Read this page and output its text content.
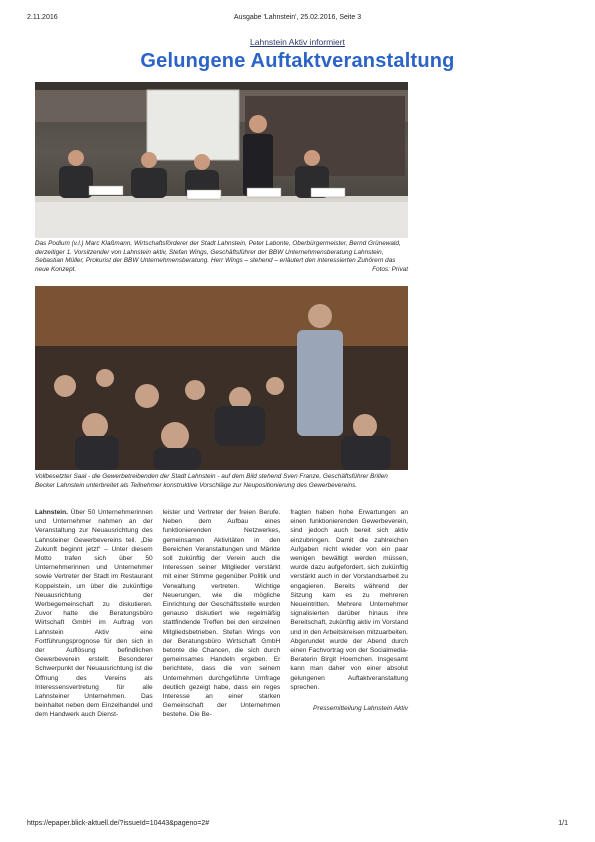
2.11.2016	Ausgabe 'Lahnstein', 25.02.2016, Seite 3
Lahnstein Aktiv informiert
Gelungene Auftaktveranstaltung
Das Podium (v.l.) Marc Klaßmann, Wirtschaftsförderer der Stadt Lahnstein, Peter Labonte, Oberbürgermeister, Bernd Grünewald, derzeitiger 1. Vorsitzender von Lahnstein aktiv, Stefan Wings, Geschäftsführer der BBW Unternehmensberatung Lahnstein, Sebastian Müller, Prokurist der BBW Unternehmensberatung. Herr Wings – stehend – erläutert den interessierten Zuhörern das neue Konzept.	Fotos: Privat
Vollbesetzter Saal - die Gewerbetreibenden der Stadt Lahnstein - auf dem Bild stehend Sven Franze, Geschäftsführer Brillen Becker Lahnstein unterbreitet als Teilnehmer konstruktive Vorschläge zur Neupositionierung des Gewerbevereins.
Lahnstein. Über 50 Unternehmerinnen und Unternehmer nahmen an der Veranstaltung zur Neuausrichtung des Lahnsteiner Gewerbevereins teil. „Die Zukunft beginnt jetzt“ – Unter diesem Motto trafen sich über 50 Unternehmerinnen und Unternehmer sowie Vertreter der Stadt im Restaurant Koppelstein, um über die zukünftige Neuausrichtung der Werbegemeinschaft zu diskutieren. Zuvor hatte die Beratungsbüro Wirtschaft GmbH im Auftrag von Lahnstein Aktiv eine Fortführungsprognose für den sich in der Auflösung befindlichen Gewerbeverein erstellt. Besonderer Schwerpunkt der Neuausrichtung ist die Öffnung des Vereins als Interessensvertretung für alle Lahnsteiner Unternehmen. Das beinhaltet neben dem Einzelhandel und dem Handwerk auch Dienst-
leister und Vertreter der freien Berufe. Neben dem Aufbau eines funktionierenden Netzwerkes, gemeinsamen Aktivitäten in den Bereichen Veranstaltungen und Märkte soll zukünftig der Verein auch die Interessen seiner Mitglieder verstärkt mit einer Stimme gegenüber Politik und Verwaltung vertreten. Wichtige Neuerungen, wie die mögliche Einrichtung der Geschäftsstelle wurden genauso diskutiert wie regelmäßig stattfindende Treffen bei den einzelnen Mitgliedsbetrieben. Stefan Wings von der Beratungsbüro Wirtschaft GmbH betonte die Chancen, die sich durch gemeinsames Handeln ergeben. Er berichtete, dass die von seinem Unternehmen durchgeführte Umfrage deutlich gezeigt habe, dass ein reges Interesse an einer starken Gemeinschaft der Unternehmen bestehe. Die Be-
fragten haben hohe Erwartungen an einen funktionierenden Gewerbeverein, sind jedoch auch bereit sich aktiv einzubringen. Damit die zahlreichen Aufgaben nicht wieder von ein paar wenigen bewältigt werden müssen, wurde dazu aufgefordert, sich zukünftig verstärkt auch in der Vorstandsarbeit zu engagieren. Bereits während der Sitzung kam es zu mehreren Neueintritten. Mehrere Unternehmer signalisierten darüber hinaus ihre Bereitschaft, zukünftig aktiv im Vorstand und in den Arbeitskreisen mitzuarbeiten. Abgerundet wurde der Abend durch einen Fachvortrag von der Socialmedia-Beraterin Birgit Hoemchen. Insgesamt kann man daher von einer absolut gelungenen Auftaktveranstaltung sprechen.
Pressemitteilung Lahnstein Aktiv
https://epaper.blick-aktuell.de/?issueId=10443&pageno=2#	1/1
